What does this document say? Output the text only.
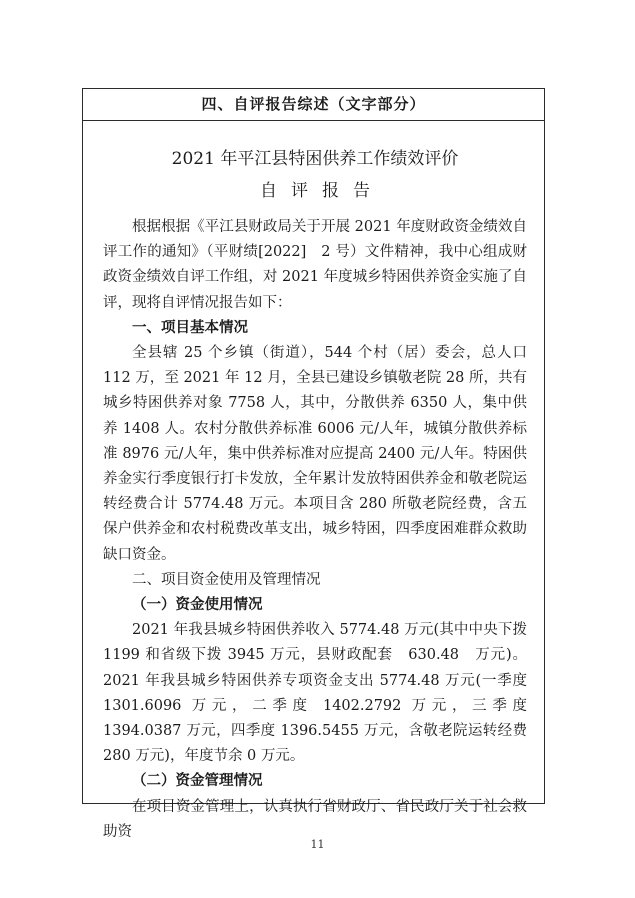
四、自评报告综述（文字部分）
2021 年平江县特困供养工作绩效评价
自评报告

根据根据《平江县财政局关于开展 2021 年度财政资金绩效自评工作的通知》（平财绩[2022]　2 号）文件精神，我中心组成财政资金绩效自评工作组，对 2021 年度城乡特困供养资金实施了自评，现将自评情况报告如下：

一、项目基本情况

全县辖 25 个乡镇（街道），544 个村（居）委会，总人口 112 万，至 2021 年 12 月，全县已建设乡镇敬老院 28 所，共有城乡特困供养对象 7758 人，其中，分散供养 6350 人，集中供养 1408 人。农村分散供养标准 6006 元/人年，城镇分散供养标准 8976 元/人年，集中供养标准对应提高 2400 元/人年。特困供养金实行季度银行打卡发放，全年累计发放特困供养金和敬老院运转经费合计 5774.48 万元。本项目含 280 所敬老院经费，含五保户供养金和农村税费改革支出，城乡特困，四季度困难群众救助缺口资金。

二、项目资金使用及管理情况

（一）资金使用情况

2021 年我县城乡特困供养收入 5774.48 万元(其中中央下拨 1199 和省级下拨 3945 万元，县财政配套　630.48　万元)。2021 年我县城乡特困供养专项资金支出 5774.48 万元(一季度 1301.6096 万元，二季度 1402.2792 万元，三季度 1394.0387 万元，四季度 1396.5455 万元，含敬老院运转经费 280 万元)，年度节余 0 万元。

（二）资金管理情况

在项目资金管理上，认真执行省财政厅、省民政厅关于社会救助资

11
